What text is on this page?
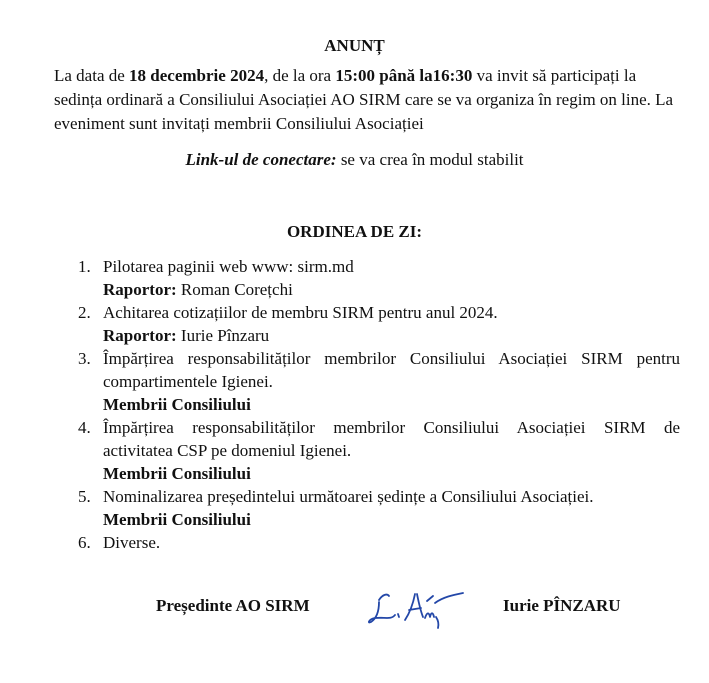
ANUNȚ
La data de 18 decembrie 2024, de la ora 15:00 până la16:30 va invit să participați la sedința ordinară a Consiliului Asociației AO SIRM care se va organiza în regim on line. La eveniment sunt invitați membrii Consiliului Asociației
Link-ul de conectare: se va crea în modul stabilit
ORDINEA DE ZI:
1. Pilotarea paginii web www: sirm.md
Raportor: Roman Corețchi
2. Achitarea cotizațiilor de membru SIRM pentru anul 2024.
Raportor: Iurie Pînzaru
3. Împărțirea responsabilităților membrilor Consiliului Asociației SIRM pentru
compartimentele Igienei.
Membrii Consiliului
4. Împărțirea responsabilităților membrilor Consiliului Asociației SIRM de
activitatea CSP pe domeniul Igienei.
Membrii Consiliului
5. Nominalizarea președintelui următoarei ședințe a Consiliului Asociației.
Membrii Consiliului
6. Diverse.
Președinte AO SIRM	Iurie PÎNZARU
